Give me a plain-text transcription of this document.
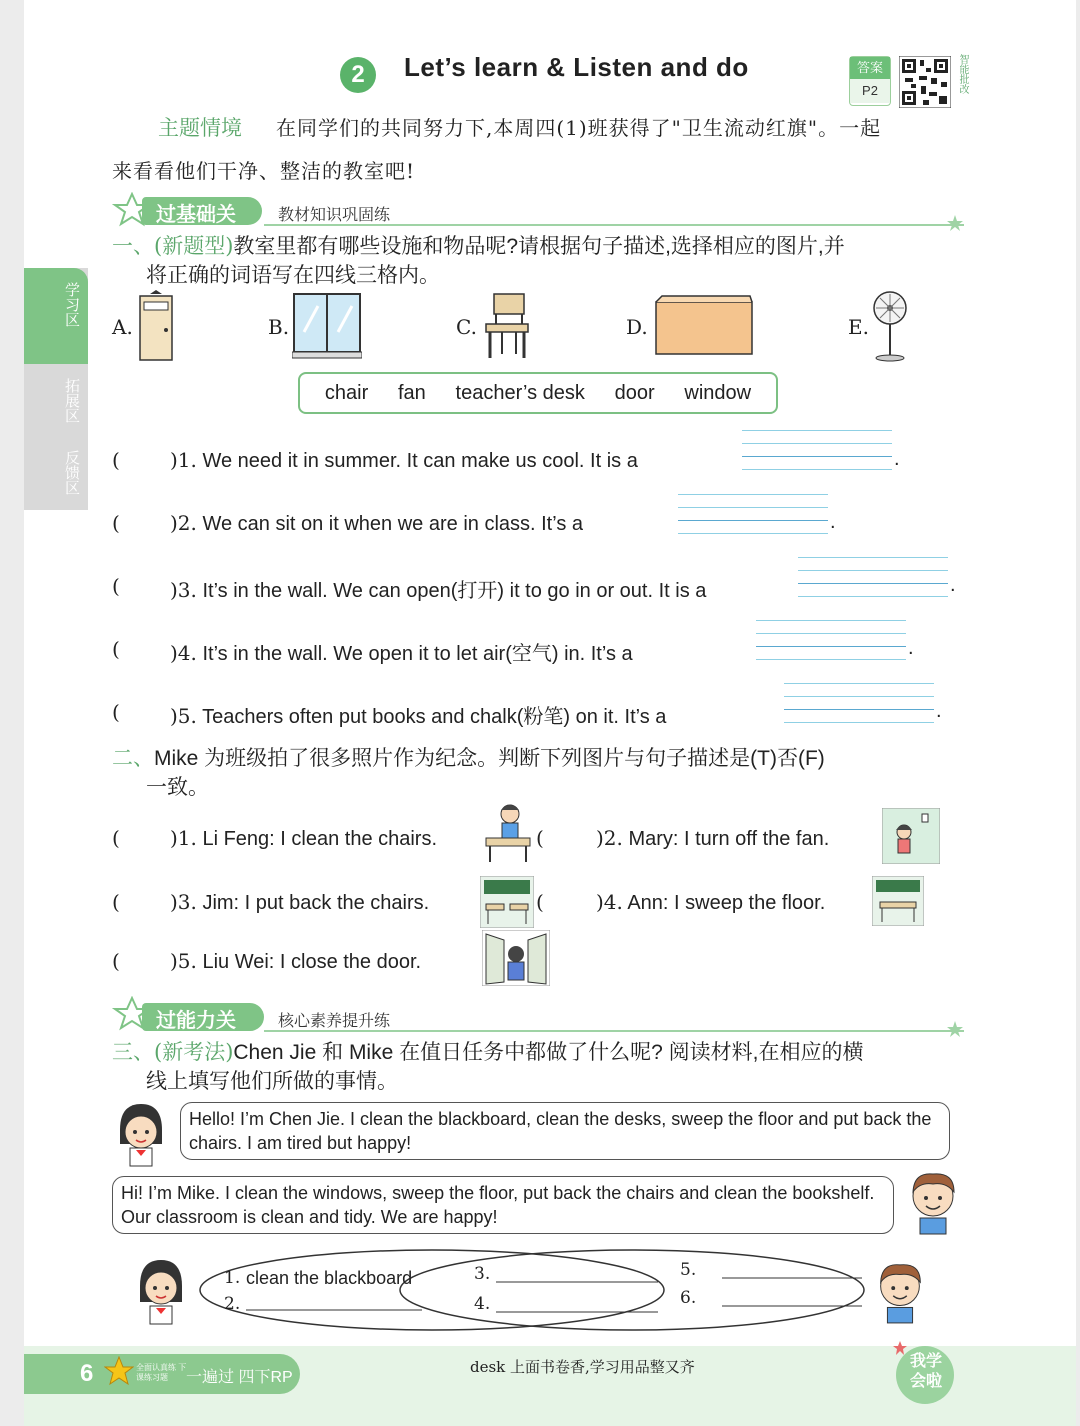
学习区
拓展区
反馈区
2	Let’s learn & Listen and do	答案
P2	智能批改
主题情境 在同学们的共同努力下,本周四(1)班获得了"卫生流动红旗"。一起
来看看他们干净、整洁的教室吧!
过基础关	教材知识巩固练
一、(新题型)教室里都有哪些设施和物品呢?请根据句子描述,选择相应的图片,并
将正确的词语写在四线三格内。
A.	B.	C.	D.	E.
chair fan teacher’s desk door window
(	)1. We need it in summer. It can make us cool. It is a	.
(	)2. We can sit on it when we are in class. It’s a	.
(	)3. It’s in the wall. We can open(打开) it to go in or out. It is a	.
(	)4. It’s in the wall. We open it to let air(空气) in. It’s a	.
(	)5. Teachers often put books and chalk(粉笔) on it. It’s a	.
二、Mike 为班级拍了很多照片作为纪念。判断下列图片与句子描述是(T)否(F)
一致。
(	)1. Li Feng: I clean the chairs.	(	)2. Mary: I turn off the fan.
(	)3. Jim: I put back the chairs.	(	)4. Ann: I sweep the floor.
(	)5. Liu Wei: I close the door.
过能力关	核心素养提升练
三、(新考法)Chen Jie 和 Mike 在值日任务中都做了什么呢? 阅读材料,在相应的横
线上填写他们所做的事情。
Hello! I’m Chen Jie. I clean the blackboard, clean the desks, sweep the floor and put back the chairs. I am tired but happy!
Hi! I’m Mike. I clean the windows, sweep the floor, put back the chairs and clean the bookshelf. Our classroom is clean and tidy. We are happy!
1. clean the blackboard
2.
3.
4.
5.
6.
6	全面认真练 下课练习题	一遍过 四下RP
desk 上面书卷香,学习用品整又齐	我学会啦
